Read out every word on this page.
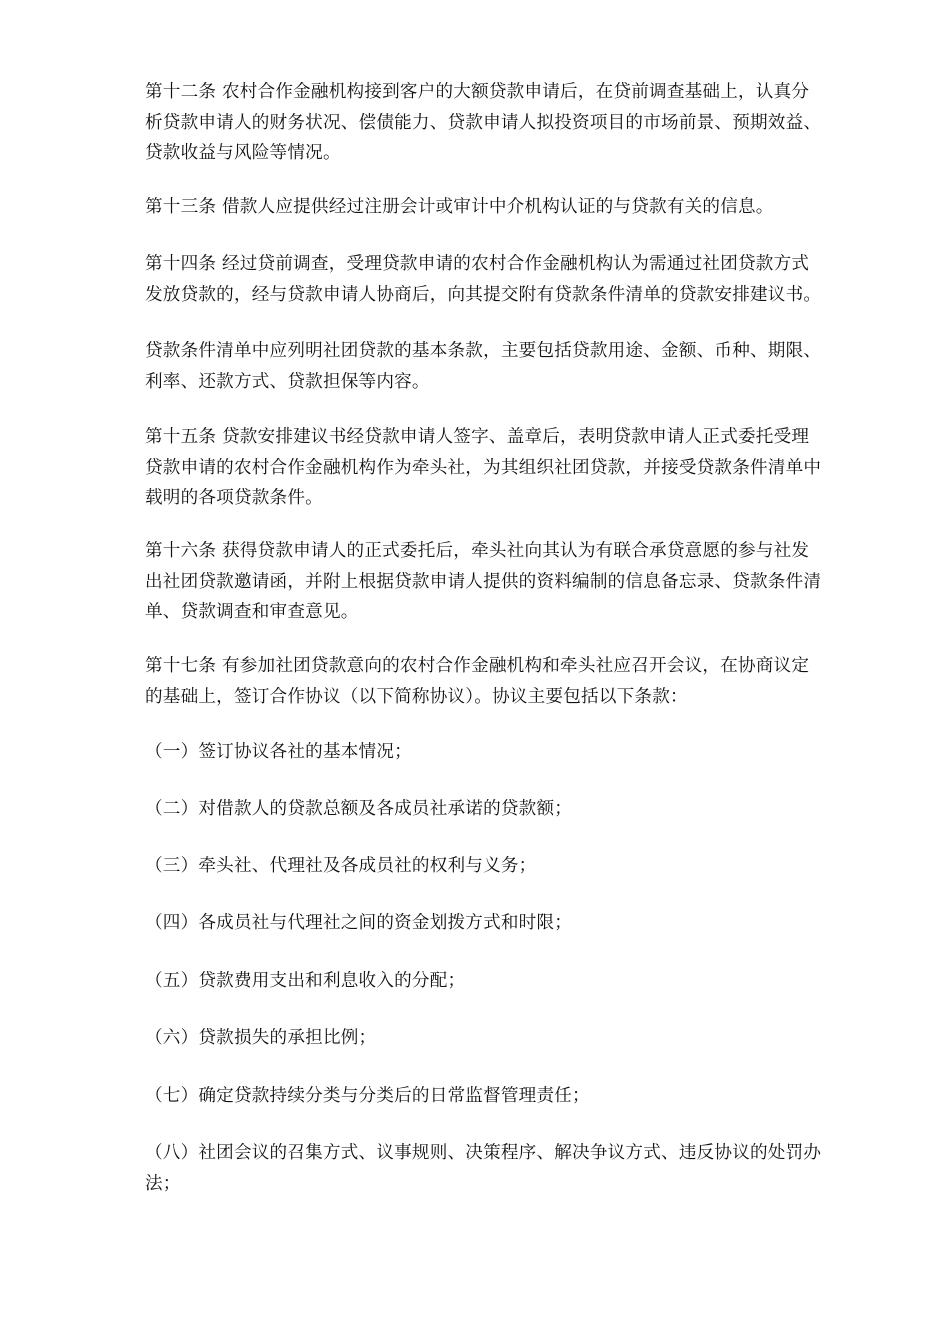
第十二条 农村合作金融机构接到客户的大额贷款申请后，在贷前调查基础上，认真分
析贷款申请人的财务状况、偿债能力、贷款申请人拟投资项目的市场前景、预期效益、
贷款收益与风险等情况。

第十三条 借款人应提供经过注册会计或审计中介机构认证的与贷款有关的信息。

第十四条 经过贷前调查，受理贷款申请的农村合作金融机构认为需通过社团贷款方式
发放贷款的，经与贷款申请人协商后，向其提交附有贷款条件清单的贷款安排建议书。

贷款条件清单中应列明社团贷款的基本条款，主要包括贷款用途、金额、币种、期限、
利率、还款方式、贷款担保等内容。

第十五条 贷款安排建议书经贷款申请人签字、盖章后，表明贷款申请人正式委托受理
贷款申请的农村合作金融机构作为牵头社，为其组织社团贷款，并接受贷款条件清单中
载明的各项贷款条件。

第十六条 获得贷款申请人的正式委托后，牵头社向其认为有联合承贷意愿的参与社发
出社团贷款邀请函，并附上根据贷款申请人提供的资料编制的信息备忘录、贷款条件清
单、贷款调查和审查意见。

第十七条 有参加社团贷款意向的农村合作金融机构和牵头社应召开会议，在协商议定
的基础上，签订合作协议（以下简称协议）。协议主要包括以下条款：

（一）签订协议各社的基本情况；

（二）对借款人的贷款总额及各成员社承诺的贷款额；

（三）牵头社、代理社及各成员社的权利与义务；

（四）各成员社与代理社之间的资金划拨方式和时限；

（五）贷款费用支出和利息收入的分配；

（六）贷款损失的承担比例；

（七）确定贷款持续分类与分类后的日常监督管理责任；

（八）社团会议的召集方式、议事规则、决策程序、解决争议方式、违反协议的处罚办
法；
